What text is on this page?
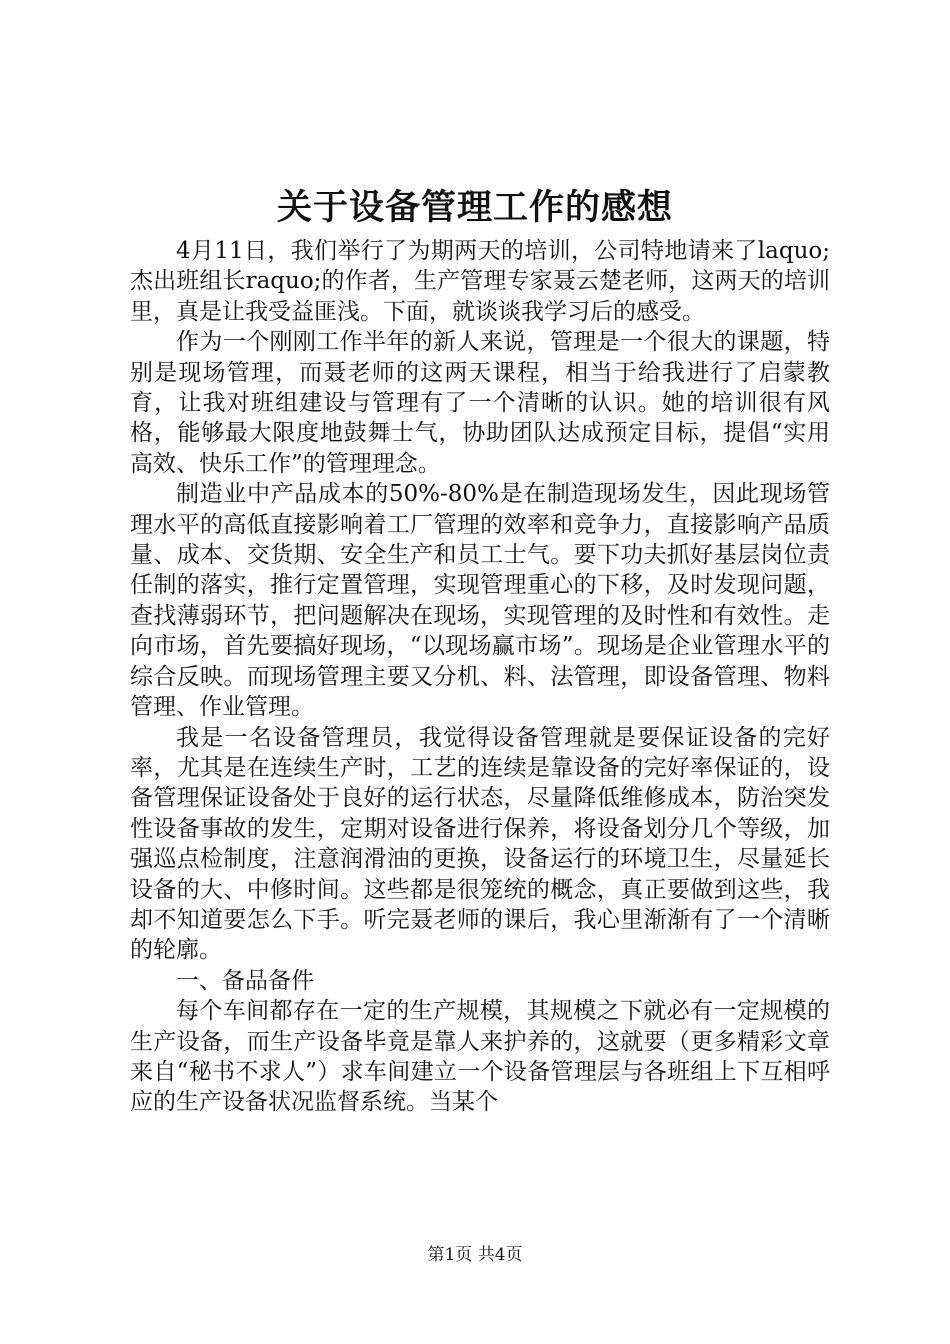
关于设备管理工作的感想

4月11日，我们举行了为期两天的培训，公司特地请来了laquo;杰出班组长raquo;的作者，生产管理专家聂云楚老师，这两天的培训里，真是让我受益匪浅。下面，就谈谈我学习后的感受。

作为一个刚刚工作半年的新人来说，管理是一个很大的课题，特别是现场管理，而聂老师的这两天课程，相当于给我进行了启蒙教育，让我对班组建设与管理有了一个清晰的认识。她的培训很有风格，能够最大限度地鼓舞士气，协助团队达成预定目标，提倡“实用高效、快乐工作”的管理理念。

制造业中产品成本的50%-80%是在制造现场发生，因此现场管理水平的高低直接影响着工厂管理的效率和竞争力，直接影响产品质量、成本、交货期、安全生产和员工士气。要下功夫抓好基层岗位责任制的落实，推行定置管理，实现管理重心的下移，及时发现问题，查找薄弱环节，把问题解决在现场，实现管理的及时性和有效性。走向市场，首先要搞好现场，“以现场赢市场”。现场是企业管理水平的综合反映。而现场管理主要又分机、料、法管理，即设备管理、物料管理、作业管理。

我是一名设备管理员，我觉得设备管理就是要保证设备的完好率，尤其是在连续生产时，工艺的连续是靠设备的完好率保证的，设备管理保证设备处于良好的运行状态，尽量降低维修成本，防治突发性设备事故的发生，定期对设备进行保养，将设备划分几个等级，加强巡点检制度，注意润滑油的更换，设备运行的环境卫生，尽量延长设备的大、中修时间。这些都是很笼统的概念，真正要做到这些，我却不知道要怎么下手。听完聂老师的课后，我心里渐渐有了一个清晰的轮廓。

一、备品备件

每个车间都存在一定的生产规模，其规模之下就必有一定规模的生产设备，而生产设备毕竟是靠人来护养的，这就要（更多精彩文章来自“秘书不求人”）求车间建立一个设备管理层与各班组上下互相呼应的生产设备状况监督系统。当某个

第1页 共4页
